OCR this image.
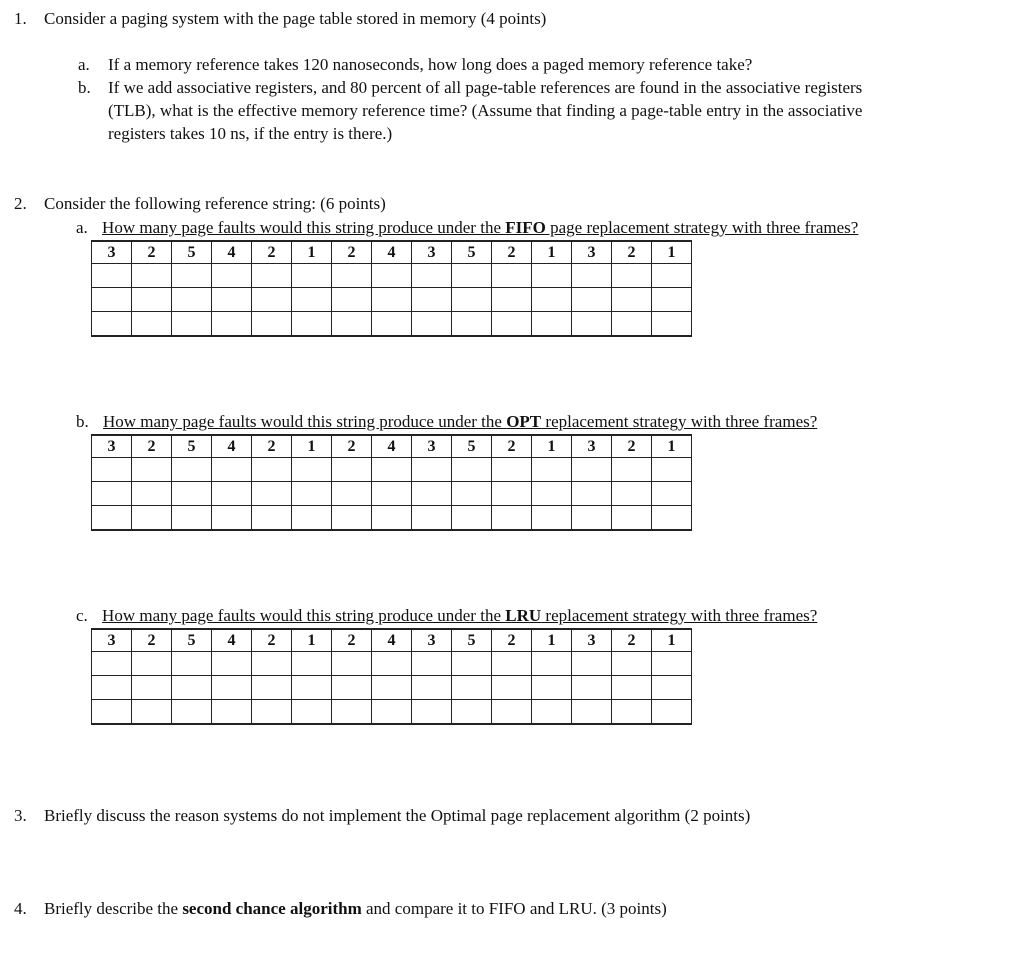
1. Consider a paging system with the page table stored in memory (4 points)
a. If a memory reference takes 120 nanoseconds, how long does a paged memory reference take?
b. If we add associative registers, and 80 percent of all page-table references are found in the associative registers
(TLB), what is the effective memory reference time? (Assume that finding a page-table entry in the associative
registers takes 10 ns, if the entry is there.)
2. Consider the following reference string: (6 points)
a. How many page faults would this string produce under the FIFO page replacement strategy with three frames?
3	2	5	4	2	1	2	4	3	5	2	1	3	2	1

b. How many page faults would this string produce under the OPT replacement strategy with three frames?
3	2	5	4	2	1	2	4	3	5	2	1	3	2	1

c. How many page faults would this string produce under the LRU replacement strategy with three frames?
3	2	5	4	2	1	2	4	3	5	2	1	3	2	1

3. Briefly discuss the reason systems do not implement the Optimal page replacement algorithm (2 points)
4. Briefly describe the second chance algorithm and compare it to FIFO and LRU. (3 points)
